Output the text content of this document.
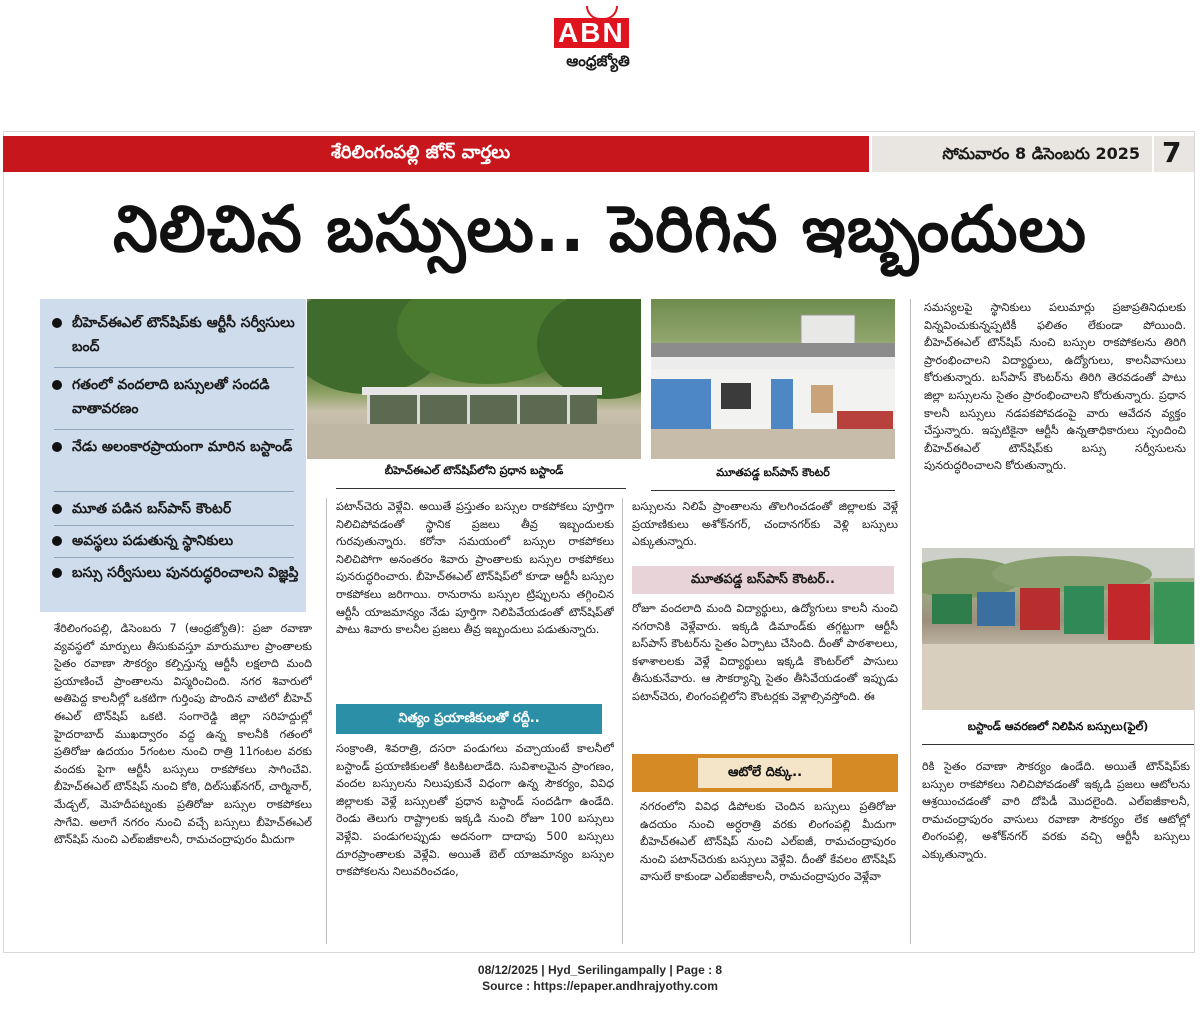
ABN
ఆంధ్రజ్యోతి
శేరిలింగంపల్లి జోన్ వార్తలు	సోమవారం 8 డిసెంబరు 2025 7
నిలిచిన బస్సులు.. పెరిగిన ఇబ్బందులు
బీహెచ్ఈఎల్ టౌన్‌షిప్‌కు ఆర్టీసీ సర్వీసులు బంద్
గతంలో వందలాది బస్సులతో సందడి వాతావరణం
నేడు అలంకారప్రాయంగా మారిన బస్టాండ్
మూత పడిన బస్‌పాస్ కౌంటర్
అవస్థలు పడుతున్న స్థానికులు
బస్సు సర్వీసులు పునరుద్ధరించాలని విజ్ఞప్తి
బీహెచ్ఈఎల్ టౌన్‌షిప్‌లోని ప్రధాన బస్టాండ్	మూతపడ్డ బస్‌పాస్ కౌంటర్
బస్టాండ్ ఆవరణలో నిలిపిన బస్సులు(ఫైల్)

శేరిలింగంపల్లి, డిసెంబరు 7 (ఆంధ్రజ్యోతి): ప్రజా రవాణా వ్యవస్థలో మార్పులు తీసుకువస్తూ మారుమూల ప్రాంతాలకు సైతం రవాణా సౌకర్యం కల్పిస్తున్న ఆర్టీసీ లక్షలాది మంది ప్రయాణించే ప్రాంతాలను విస్మరించింది. నగర శివారులో అతిపెద్ద కాలనీల్లో ఒకటిగా గుర్తింపు పొందిన వాటిలో బీహెచ్ ఈఎల్ టౌన్‌షిప్ ఒకటి. సంగారెడ్డి జిల్లా సరిహద్దుల్లో హైదరాబాద్ ముఖద్వారం వద్ద ఉన్న కాలనీకి గతంలో ప్రతిరోజు ఉదయం 5గంటల నుంచి రాత్రి 11గంటల వరకు వందకు పైగా ఆర్టీసీ బస్సులు రాకపోకలు సాగించేవి. బీహెచ్ఈఎల్ టౌన్‌షిప్ నుంచి కోఠి, దిల్‌సుఖ్‌నగర్, చార్మినార్, మేడ్చల్, మెహదీపట్నంకు ప్రతిరోజు బస్సుల రాకపోకలు సాగేవి. అలాగే నగరం నుంచి వచ్చే బస్సులు బీహెచ్ఈఎల్ టౌన్‌షిప్ నుంచి ఎల్ఐజీకాలనీ, రామచంద్రాపురం మీదుగా

పటాన్‌చెరు వెళ్లేవి. అయితే ప్రస్తుతం బస్సుల రాకపోకలు పూర్తిగా నిలిచిపోవడంతో స్థానిక ప్రజలు తీవ్ర ఇబ్బందులకు గురవుతున్నారు. కరోనా సమయంలో బస్సుల రాకపోకలు నిలిచిపోగా అనంతరం శివారు ప్రాంతాలకు బస్సుల రాకపోకలు పునరుద్ధరించారు. బీహెచ్ఈఎల్ టౌన్‌షిప్‌లో కూడా ఆర్టీసీ బస్సుల రాకపోకలు జరిగాయి. రానురాను బస్సుల ట్రిప్పులను తగ్గించిన ఆర్టీసీ యాజమాన్యం నేడు పూర్తిగా నిలిపివేయడంతో టౌన్‌షిప్‌తో పాటు శివారు కాలనీల ప్రజలు తీవ్ర ఇబ్బందులు పడుతున్నారు.

నిత్యం ప్రయాణికులతో రద్దీ..

సంక్రాంతి, శివరాత్రి, దసరా పండుగలు వచ్చాయంటే కాలనీలో బస్టాండ్ ప్రయాణికులతో కిటకిటలాడేది. సువిశాలమైన ప్రాంగణం, వందల బస్సులను నిలుపుకునే విధంగా ఉన్న సౌకర్యం, వివిధ జిల్లాలకు వెళ్లే బస్సులతో ప్రధాన బస్టాండ్ సందడిగా ఉండేది. రెండు తెలుగు రాష్ట్రాలకు ఇక్కడి నుంచి రోజూ 100 బస్సులు వెళ్లేవి. పండుగలప్పుడు అదనంగా దాదాపు 500 బస్సులు దూరప్రాంతాలకు వెళ్లేవి. అయితే బెల్ యాజమాన్యం బస్సుల రాకపోకలను నిలువరించడం,

బస్సులను నిలిపే ప్రాంతాలను తొలగించడంతో జిల్లాలకు వెళ్లే ప్రయాణికులు అశోక్‌నగర్, చందానగర్‌కు వెళ్లి బస్సులు ఎక్కుతున్నారు.

మూతపడ్డ బస్‌పాస్ కౌంటర్..

రోజూ వందలాది మంది విద్యార్థులు, ఉద్యోగులు కాలనీ నుంచి నగరానికి వెళ్లేవారు. ఇక్కడి డిమాండ్‌కు తగ్గట్టుగా ఆర్టీసీ బస్‌పాస్ కౌంటర్‌ను సైతం ఏర్పాటు చేసింది. దీంతో పాఠశాలలు, కళాశాలలకు వెళ్లే విద్యార్థులు ఇక్కడి కౌంటర్‌లో పాసులు తీసుకునేవారు. ఆ సౌకర్యాన్ని సైతం తీసివేయడంతో ఇప్పుడు పటాన్‌చెరు, లింగంపల్లిలోని కౌంటర్లకు వెళ్లాల్సివస్తోంది. ఈ

ఆటోలే దిక్కు..

నగరంలోని వివిధ డిపోలకు చెందిన బస్సులు ప్రతిరోజు ఉదయం నుంచి అర్ధరాత్రి వరకు లింగంపల్లి మీదుగా బీహెచ్ఈఎల్ టౌన్‌షిప్ నుంచి ఎల్ఐజీ, రామచంద్రాపురం నుంచి పటాన్‌చెరుకు బస్సులు వెళ్లేవి. దీంతో కేవలం టౌన్‌షిప్ వాసులే కాకుండా ఎల్ఐజీకాలనీ, రామచంద్రాపురం వెళ్లేవా

సమస్యలపై స్థానికులు పలుమార్లు ప్రజాప్రతినిధులకు విన్నవించుకున్నప్పటికీ ఫలితం లేకుండా పోయింది. బీహెచ్ఈఎల్ టౌన్‌షిప్ నుంచి బస్సుల రాకపోకలను తిరిగి ప్రారంభించాలని విద్యార్థులు, ఉద్యోగులు, కాలనీవాసులు కోరుతున్నారు. బస్‌పాస్ కౌంటర్‌ను తిరిగి తెరవడంతో పాటు జిల్లా బస్సులను సైతం ప్రారంభించాలని కోరుతున్నారు. ప్రధాన కాలనీ బస్సులు నడపకపోవడంపై వారు ఆవేదన వ్యక్తం చేస్తున్నారు. ఇప్పటికైనా ఆర్టీసీ ఉన్నతాధికారులు స్పందించి బీహెచ్ఈఎల్ టౌన్‌షిప్‌కు బస్సు సర్వీసులను పునరుద్ధరించాలని కోరుతున్నారు.

రికి సైతం రవాణా సౌకర్యం ఉండేది. అయితే టౌన్‌షిప్‌కు బస్సుల రాకపోకలు నిలిచిపోవడంతో ఇక్కడి ప్రజలు ఆటోలను ఆశ్రయించడంతో వారి దోపిడీ మొదలైంది. ఎల్ఐజీకాలనీ, రామచంద్రాపురం వాసులు రవాణా సౌకర్యం లేక ఆటోల్లో లింగంపల్లి, అశోక్‌నగర్ వరకు వచ్చి ఆర్టీసీ బస్సులు ఎక్కుతున్నారు.

08/12/2025 | Hyd_Serilingampally | Page : 8
Source : https://epaper.andhrajyothy.com
